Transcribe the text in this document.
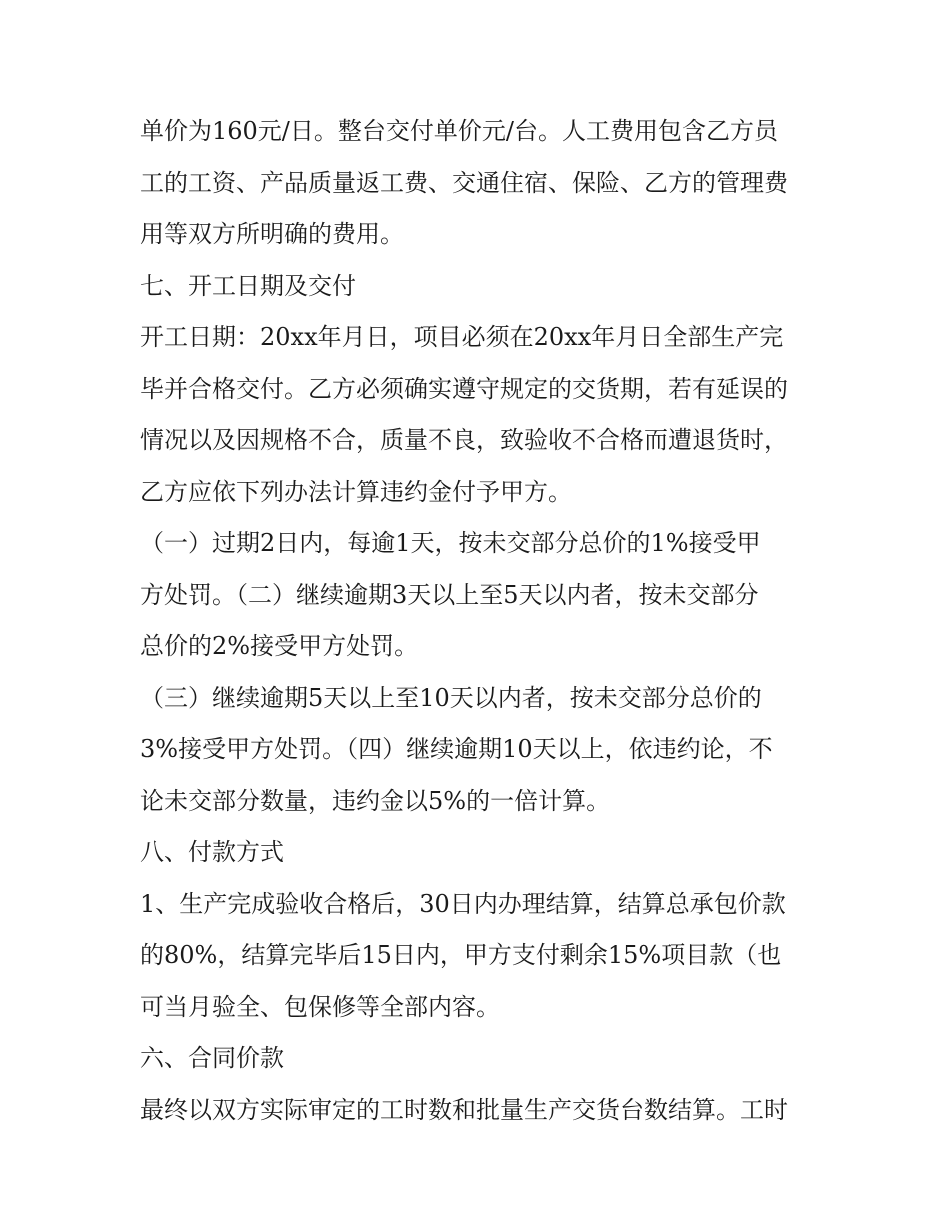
单价为160元/日。整台交付单价元/台。人工费用包含乙方员
工的工资、产品质量返工费、交通住宿、保险、乙方的管理费
用等双方所明确的费用。
七、开工日期及交付
开工日期：20xx年月日，项目必须在20xx年月日全部生产完
毕并合格交付。乙方必须确实遵守规定的交货期，若有延误的
情况以及因规格不合，质量不良，致验收不合格而遭退货时，
乙方应依下列办法计算违约金付予甲方。
（一）过期2日内，每逾1天，按未交部分总价的1%接受甲
方处罚。（二）继续逾期3天以上至5天以内者，按未交部分
总价的2%接受甲方处罚。
（三）继续逾期5天以上至10天以内者，按未交部分总价的
3%接受甲方处罚。（四）继续逾期10天以上，依违约论，不
论未交部分数量，违约金以5%的一倍计算。
八、付款方式
1、生产完成验收合格后，30日内办理结算，结算总承包价款
的80%，结算完毕后15日内，甲方支付剩余15%项目款（也
可当月验全、包保修等全部内容。
六、合同价款
最终以双方实际审定的工时数和批量生产交货台数结算。工时
